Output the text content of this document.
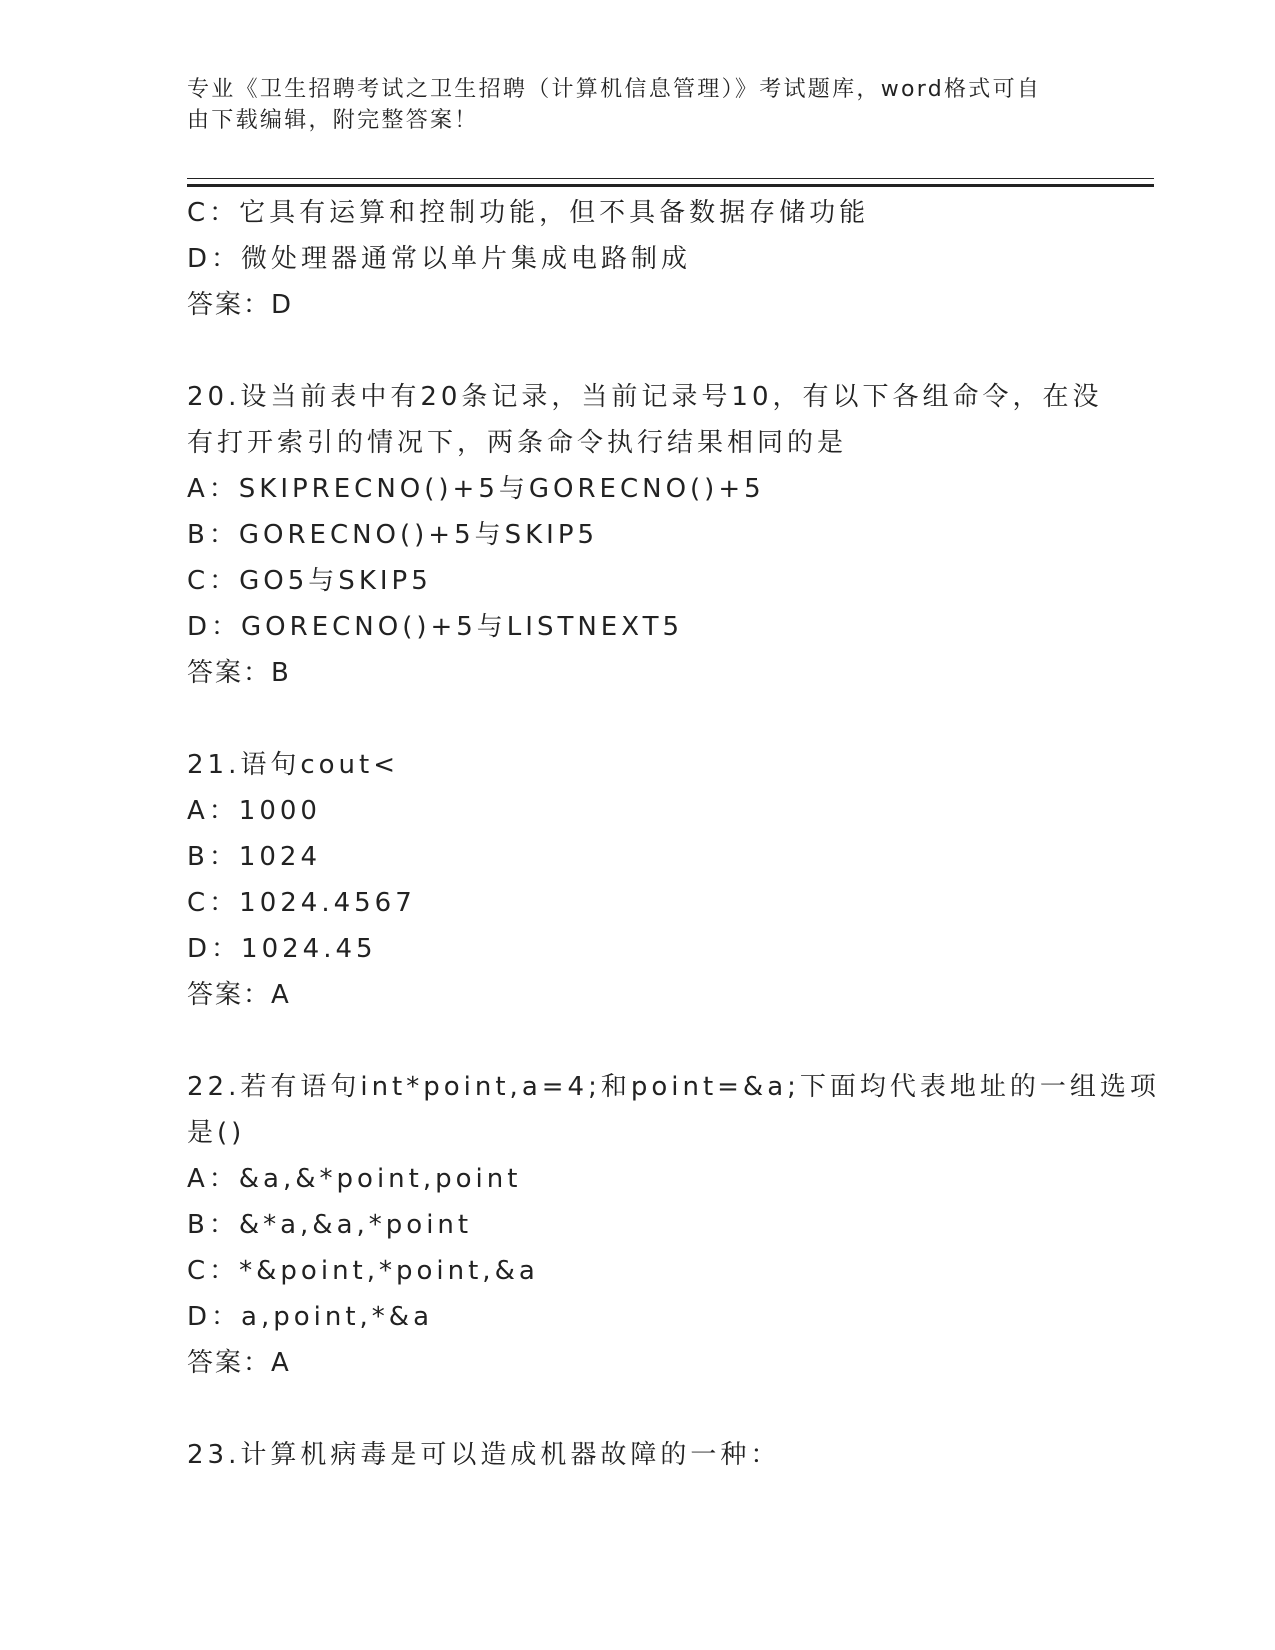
专业《卫生招聘考试之卫生招聘（计算机信息管理）》考试题库，word格式可自
由下载编辑，附完整答案！
C：它具有运算和控制功能，但不具备数据存储功能
D：微处理器通常以单片集成电路制成
答案：D
20.设当前表中有20条记录，当前记录号10，有以下各组命令，在没
有打开索引的情况下，两条命令执行结果相同的是
A：SKIPRECNO()+5与GORECNO()+5
B：GORECNO()+5与SKIP5
C：GO5与SKIP5
D：GORECNO()+5与LISTNEXT5
答案：B
21.语句cout<
A：1000
B：1024
C：1024.4567
D：1024.45
答案：A
22.若有语句int*point,a=4;和point=&a;下面均代表地址的一组选项
是()
A：&a,&*point,point
B：&*a,&a,*point
C：*&point,*point,&a
D：a,point,*&a
答案：A
23.计算机病毒是可以造成机器故障的一种：
